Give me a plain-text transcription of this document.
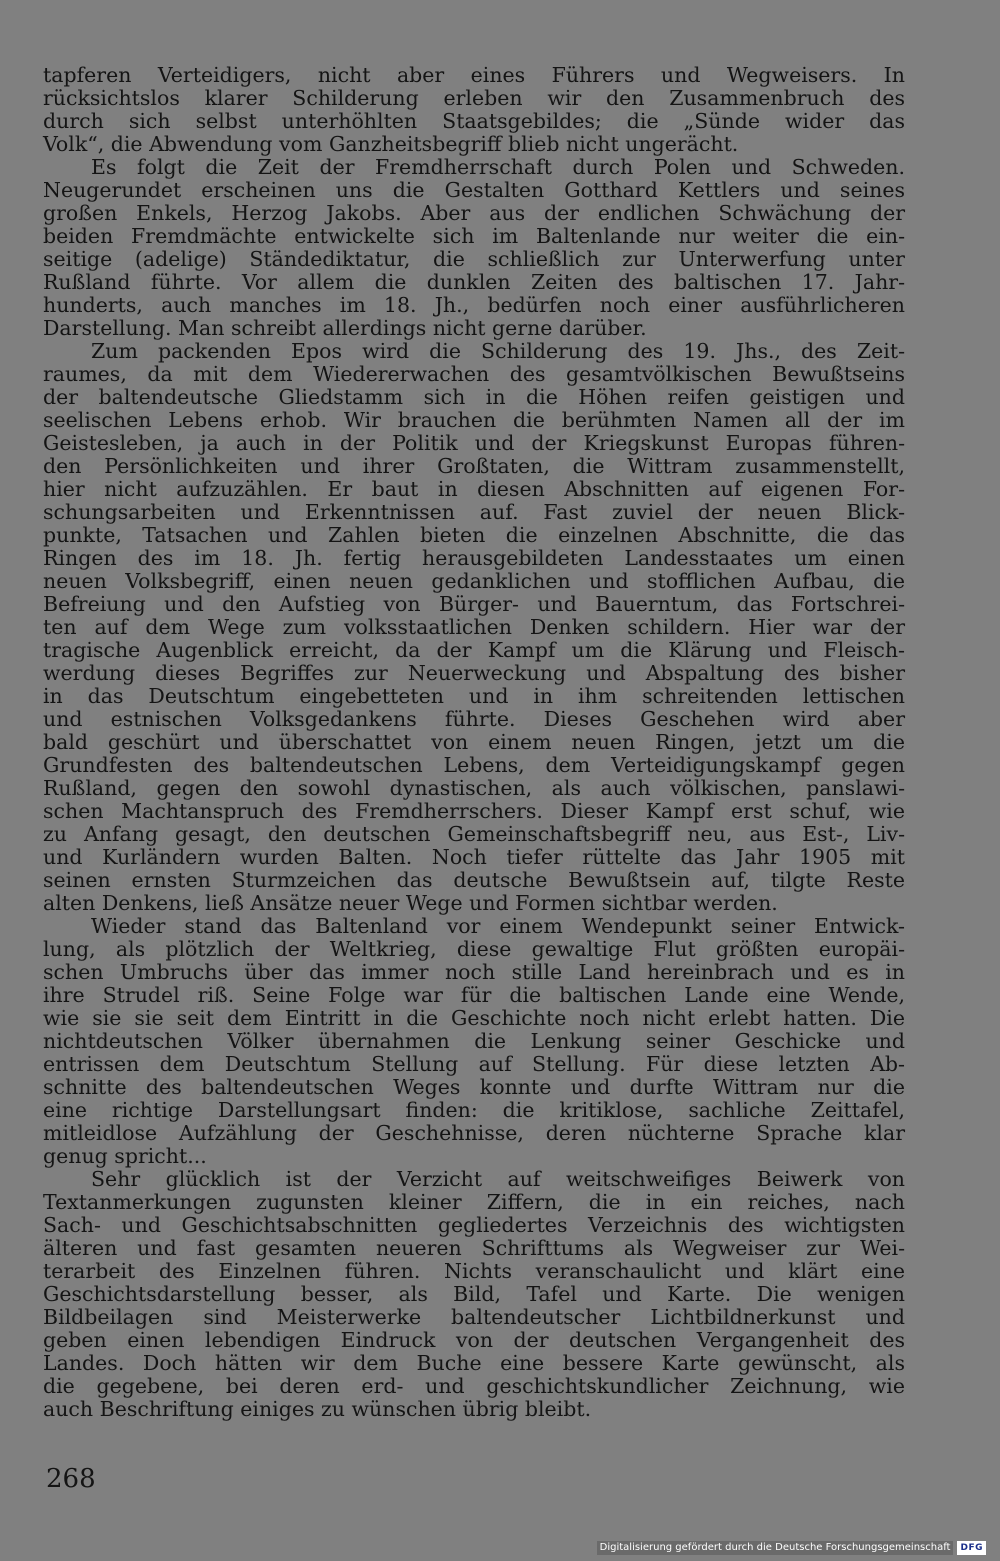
tapferen Verteidigers, nicht aber eines Führers und Wegweisers. In
rücksichtslos klarer Schilderung erleben wir den Zusammenbruch des
durch sich selbst unterhöhlten Staatsgebildes; die „Sünde wider das
Volk“, die Abwendung vom Ganzheitsbegriff blieb nicht ungerächt.

Es folgt die Zeit der Fremdherrschaft durch Polen und Schweden.
Neugerundet erscheinen uns die Gestalten Gotthard Kettlers und seines
großen Enkels, Herzog Jakobs. Aber aus der endlichen Schwächung der
beiden Fremdmächte entwickelte sich im Baltenlande nur weiter die ein-
seitige (adelige) Ständediktatur, die schließlich zur Unterwerfung unter
Rußland führte. Vor allem die dunklen Zeiten des baltischen 17. Jahr-
hunderts, auch manches im 18. Jh., bedürfen noch einer ausführlicheren
Darstellung. Man schreibt allerdings nicht gerne darüber.

Zum packenden Epos wird die Schilderung des 19. Jhs., des Zeit-
raumes, da mit dem Wiedererwachen des gesamtvölkischen Bewußtseins
der baltendeutsche Gliedstamm sich in die Höhen reifen geistigen und
seelischen Lebens erhob. Wir brauchen die berühmten Namen all der im
Geistesleben, ja auch in der Politik und der Kriegskunst Europas führen-
den Persönlichkeiten und ihrer Großtaten, die Wittram zusammenstellt,
hier nicht aufzuzählen. Er baut in diesen Abschnitten auf eigenen For-
schungsarbeiten und Erkenntnissen auf. Fast zuviel der neuen Blick-
punkte, Tatsachen und Zahlen bieten die einzelnen Abschnitte, die das
Ringen des im 18. Jh. fertig herausgebildeten Landesstaates um einen
neuen Volksbegriff, einen neuen gedanklichen und stofflichen Aufbau, die
Befreiung und den Aufstieg von Bürger- und Bauerntum, das Fortschrei-
ten auf dem Wege zum volksstaatlichen Denken schildern. Hier war der
tragische Augenblick erreicht, da der Kampf um die Klärung und Fleisch-
werdung dieses Begriffes zur Neuerweckung und Abspaltung des bisher
in das Deutschtum eingebetteten und in ihm schreitenden lettischen
und estnischen Volksgedankens führte. Dieses Geschehen wird aber
bald geschürt und überschattet von einem neuen Ringen, jetzt um die
Grundfesten des baltendeutschen Lebens, dem Verteidigungskampf gegen
Rußland, gegen den sowohl dynastischen, als auch völkischen, panslawi-
schen Machtanspruch des Fremdherrschers. Dieser Kampf erst schuf, wie
zu Anfang gesagt, den deutschen Gemeinschaftsbegriff neu, aus Est-, Liv-
und Kurländern wurden Balten. Noch tiefer rüttelte das Jahr 1905 mit
seinen ernsten Sturmzeichen das deutsche Bewußtsein auf, tilgte Reste
alten Denkens, ließ Ansätze neuer Wege und Formen sichtbar werden.

Wieder stand das Baltenland vor einem Wendepunkt seiner Entwick-
lung, als plötzlich der Weltkrieg, diese gewaltige Flut größten europäi-
schen Umbruchs über das immer noch stille Land hereinbrach und es in
ihre Strudel riß. Seine Folge war für die baltischen Lande eine Wende,
wie sie sie seit dem Eintritt in die Geschichte noch nicht erlebt hatten. Die
nichtdeutschen Völker übernahmen die Lenkung seiner Geschicke und
entrissen dem Deutschtum Stellung auf Stellung. Für diese letzten Ab-
schnitte des baltendeutschen Weges konnte und durfte Wittram nur die
eine richtige Darstellungsart finden: die kritiklose, sachliche Zeittafel,
mitleidlose Aufzählung der Geschehnisse, deren nüchterne Sprache klar
genug spricht...

Sehr glücklich ist der Verzicht auf weitschweifiges Beiwerk von
Textanmerkungen zugunsten kleiner Ziffern, die in ein reiches, nach
Sach- und Geschichtsabschnitten gegliedertes Verzeichnis des wichtigsten
älteren und fast gesamten neueren Schrifttums als Wegweiser zur Wei-
terarbeit des Einzelnen führen. Nichts veranschaulicht und klärt eine
Geschichtsdarstellung besser, als Bild, Tafel und Karte. Die wenigen
Bildbeilagen sind Meisterwerke baltendeutscher Lichtbildnerkunst und
geben einen lebendigen Eindruck von der deutschen Vergangenheit des
Landes. Doch hätten wir dem Buche eine bessere Karte gewünscht, als
die gegebene, bei deren erd- und geschichtskundlicher Zeichnung, wie
auch Beschriftung einiges zu wünschen übrig bleibt.

268
Digitalisierung gefördert durch die Deutsche Forschungsgemeinschaft	DFG
